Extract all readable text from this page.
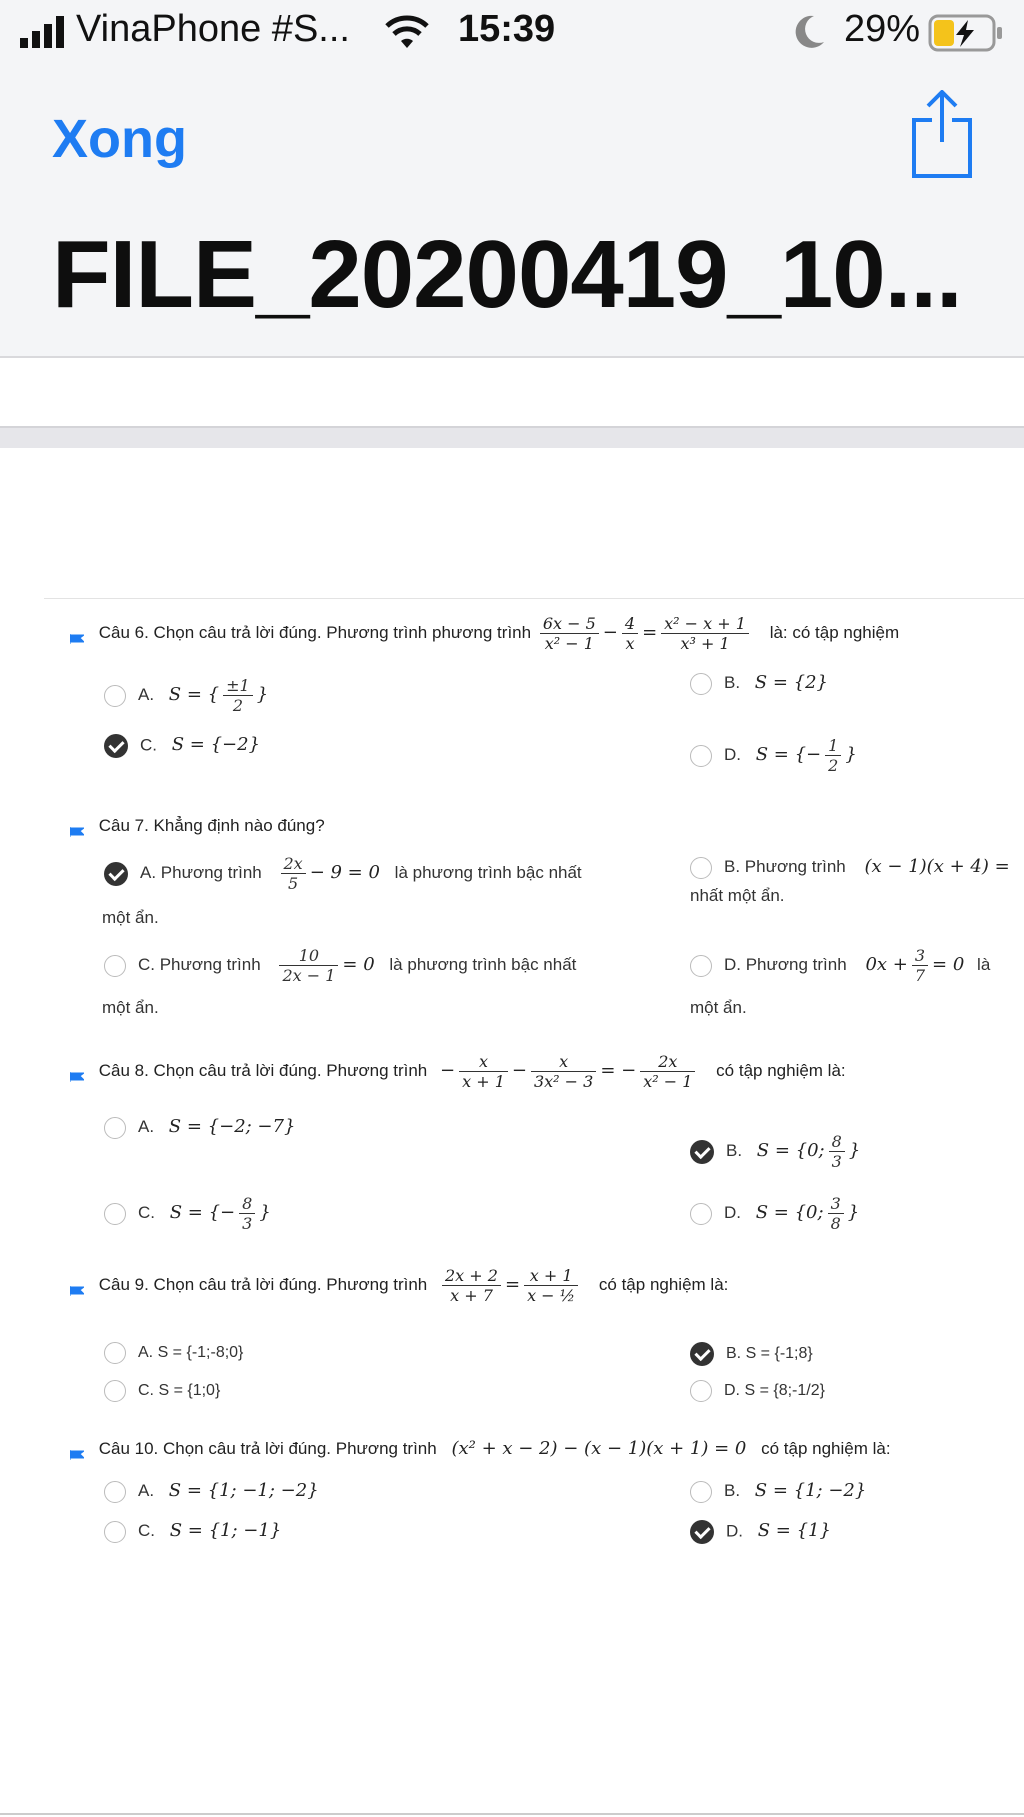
VinaPhone #S...	15:39	29%
Xong
FILE_20200419_10...
Câu 6. Chọn câu trả lời đúng. Phương trình phương trình $\frac{6x - 5}{\text{x² − 1}} - \frac{4}{x} = \frac{\text{x² − x + 1}}{\text{x³ + 1}}$ là: có tập nghiệm
A. S = { $\frac{\pm 1}{2}$ }
B. S = {2}
C. S = {−2}	D. S = {− $\frac{1}{2}$ }
Câu 7. Khẳng định nào đúng?
A. Phương trình $\frac{2x}{5} - 9 = 0$ là phương trình bậc nhất
một ẩn.
B. Phương trình (x − 1)(x + 4) =
nhất một ẩn.
C. Phương trình $\frac{10}{2x - 1} = 0$ là phương trình bậc nhất
một ẩn.
D. Phương trình $0x + \frac{3}{7} = 0$ là
một ẩn.
Câu 8. Chọn câu trả lời đúng. Phương trình − $\frac{x}{x + 1} - \frac{x}{\text{3x² − 3}}$ = − $\frac{2x}{\text{x² − 1}}$ có tập nghiệm là:
A. S = {−2; −7}
B. S = {0; $\frac{8}{3}$ }
C. S = {− $\frac{8}{3}$ }	D. S = {0; $\frac{3}{8}$ }
Câu 9. Chọn câu trả lời đúng. Phương trình $\frac{2x + 2}{x + 7} = \frac{x + 1}{\text{x − ½}}$ có tập nghiệm là:
A. S = {-1;-8;0}	B. S = {-1;8}
C. S = {1;0}	D. S = {8;-1/2}
Câu 10. Chọn câu trả lời đúng. Phương trình (x² + x − 2) − (x − 1)(x + 1) = 0 có tập nghiệm là:
A. S = {1; −1; −2}	B. S = {1; −2}
C. S = {1; −1}	D. S = {1}
